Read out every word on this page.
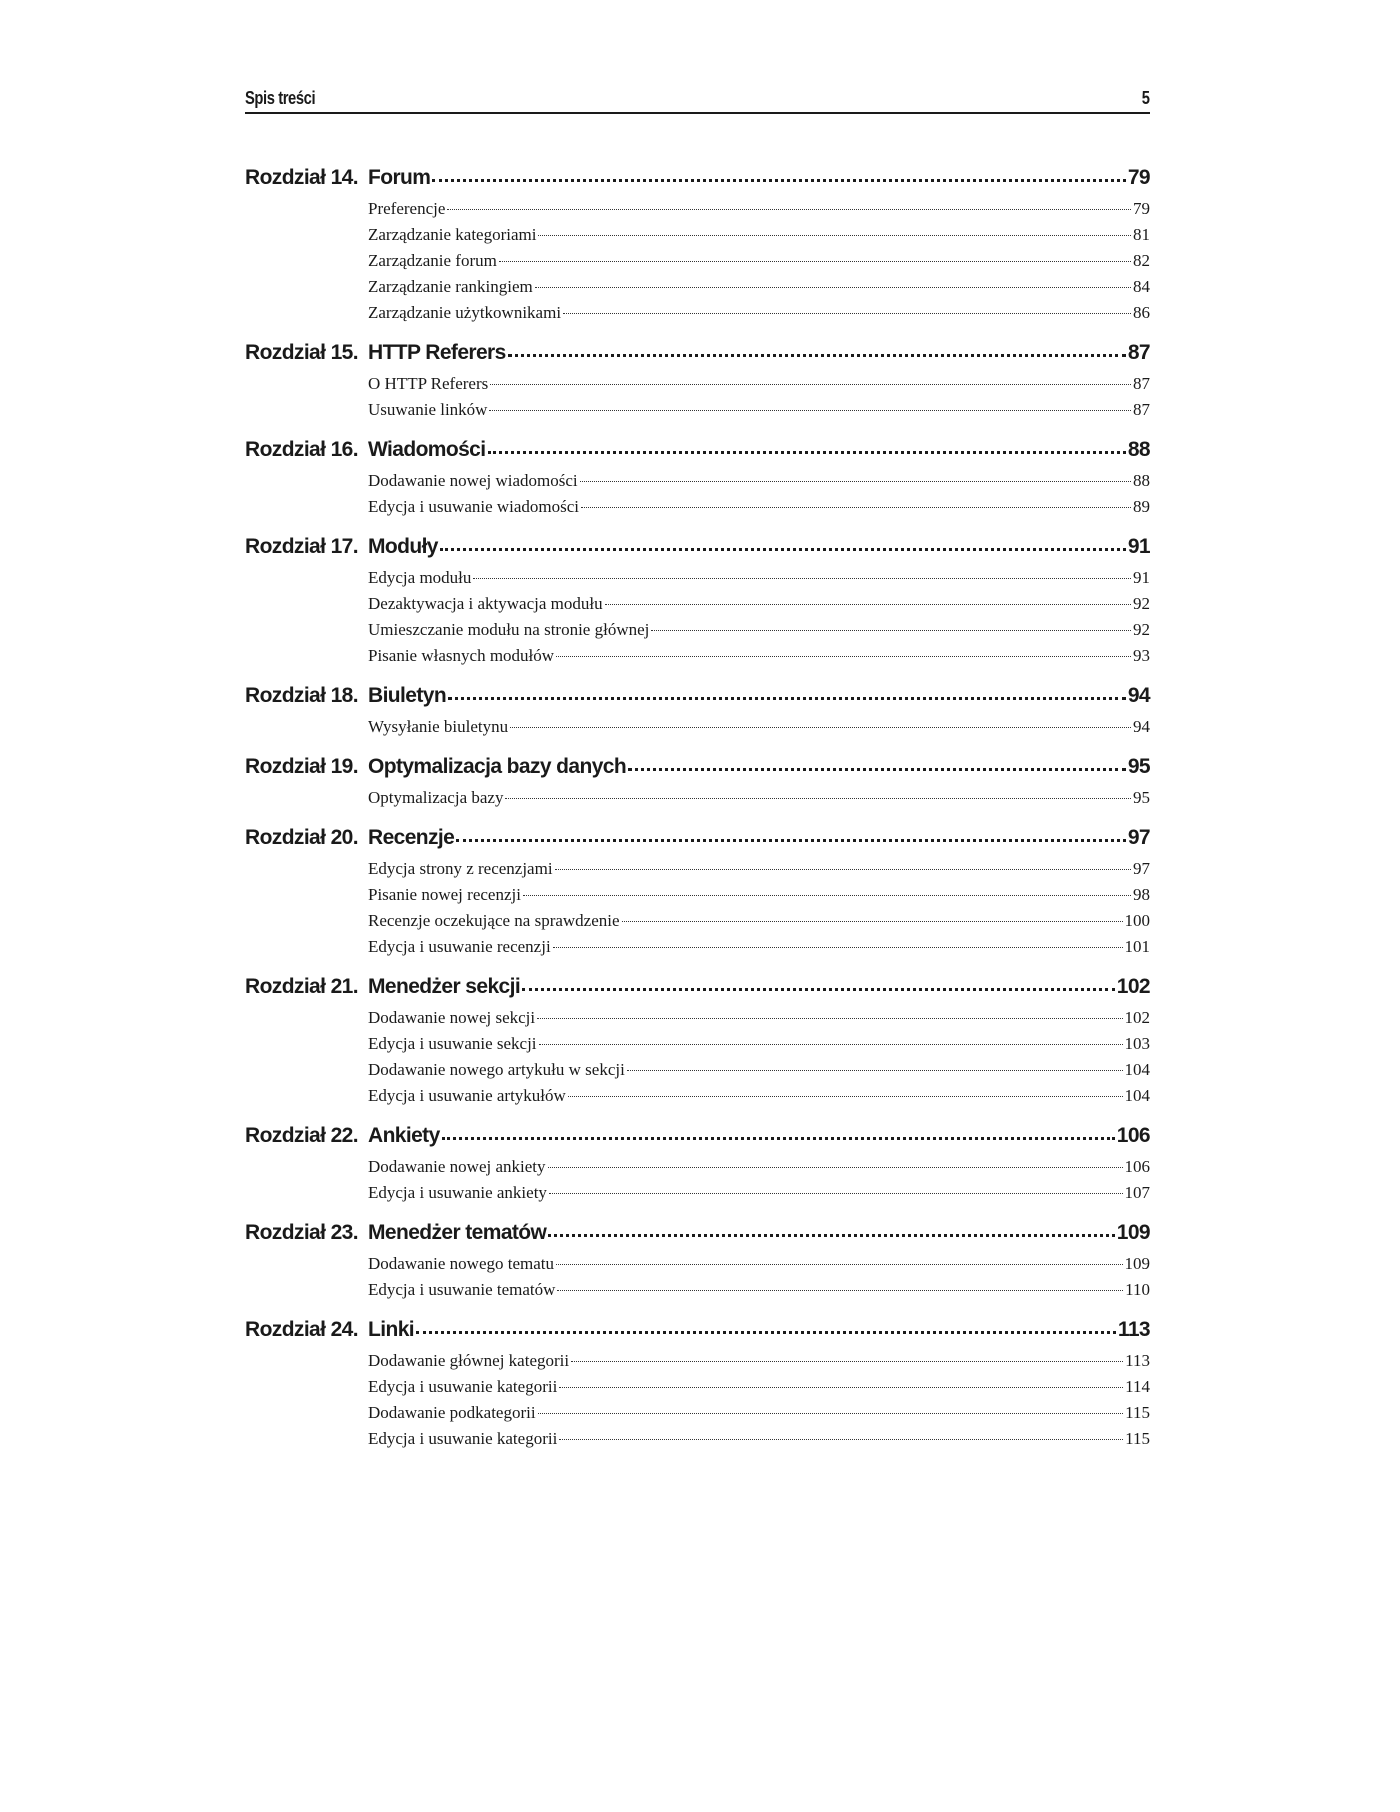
Spis treści	5
Rozdział 14. Forum	79
Preferencje	79
Zarządzanie kategoriami	81
Zarządzanie forum	82
Zarządzanie rankingiem	84
Zarządzanie użytkownikami	86
Rozdział 15. HTTP Referers	87
O HTTP Referers	87
Usuwanie linków	87
Rozdział 16. Wiadomości	88
Dodawanie nowej wiadomości	88
Edycja i usuwanie wiadomości	89
Rozdział 17. Moduły	91
Edycja modułu	91
Dezaktywacja i aktywacja modułu	92
Umieszczanie modułu na stronie głównej	92
Pisanie własnych modułów	93
Rozdział 18. Biuletyn	94
Wysyłanie biuletynu	94
Rozdział 19. Optymalizacja bazy danych	95
Optymalizacja bazy	95
Rozdział 20. Recenzje	97
Edycja strony z recenzjami	97
Pisanie nowej recenzji	98
Recenzje oczekujące na sprawdzenie	100
Edycja i usuwanie recenzji	101
Rozdział 21. Menedżer sekcji	102
Dodawanie nowej sekcji	102
Edycja i usuwanie sekcji	103
Dodawanie nowego artykułu w sekcji	104
Edycja i usuwanie artykułów	104
Rozdział 22. Ankiety	106
Dodawanie nowej ankiety	106
Edycja i usuwanie ankiety	107
Rozdział 23. Menedżer tematów	109
Dodawanie nowego tematu	109
Edycja i usuwanie tematów	110
Rozdział 24. Linki	113
Dodawanie głównej kategorii	113
Edycja i usuwanie kategorii	114
Dodawanie podkategorii	115
Edycja i usuwanie kategorii	115
